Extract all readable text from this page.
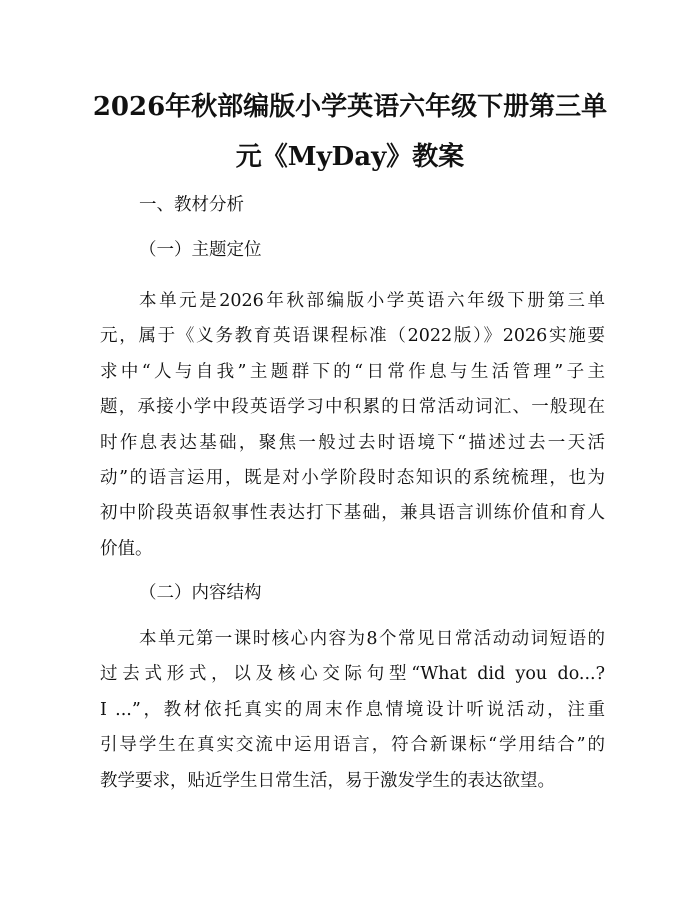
2026年秋部编版小学英语六年级下册第三单
元《MyDay》教案

一、教材分析

（一）主题定位

本单元是2026年秋部编版小学英语六年级下册第三单
元，属于《义务教育英语课程标准（2022版）》2026实施要
求中“人与自我”主题群下的“日常作息与生活管理”子主
题，承接小学中段英语学习中积累的日常活动词汇、一般现在
时作息表达基础，聚焦一般过去时语境下“描述过去一天活
动”的语言运用，既是对小学阶段时态知识的系统梳理，也为
初中阶段英语叙事性表达打下基础，兼具语言训练价值和育人
价值。

（二）内容结构

本单元第一课时核心内容为8个常见日常活动动词短语的
过去式形式，以及核心交际句型“What did you do...?
I ...”，教材依托真实的周末作息情境设计听说活动，注重
引导学生在真实交流中运用语言，符合新课标“学用结合”的
教学要求，贴近学生日常生活，易于激发学生的表达欲望。
